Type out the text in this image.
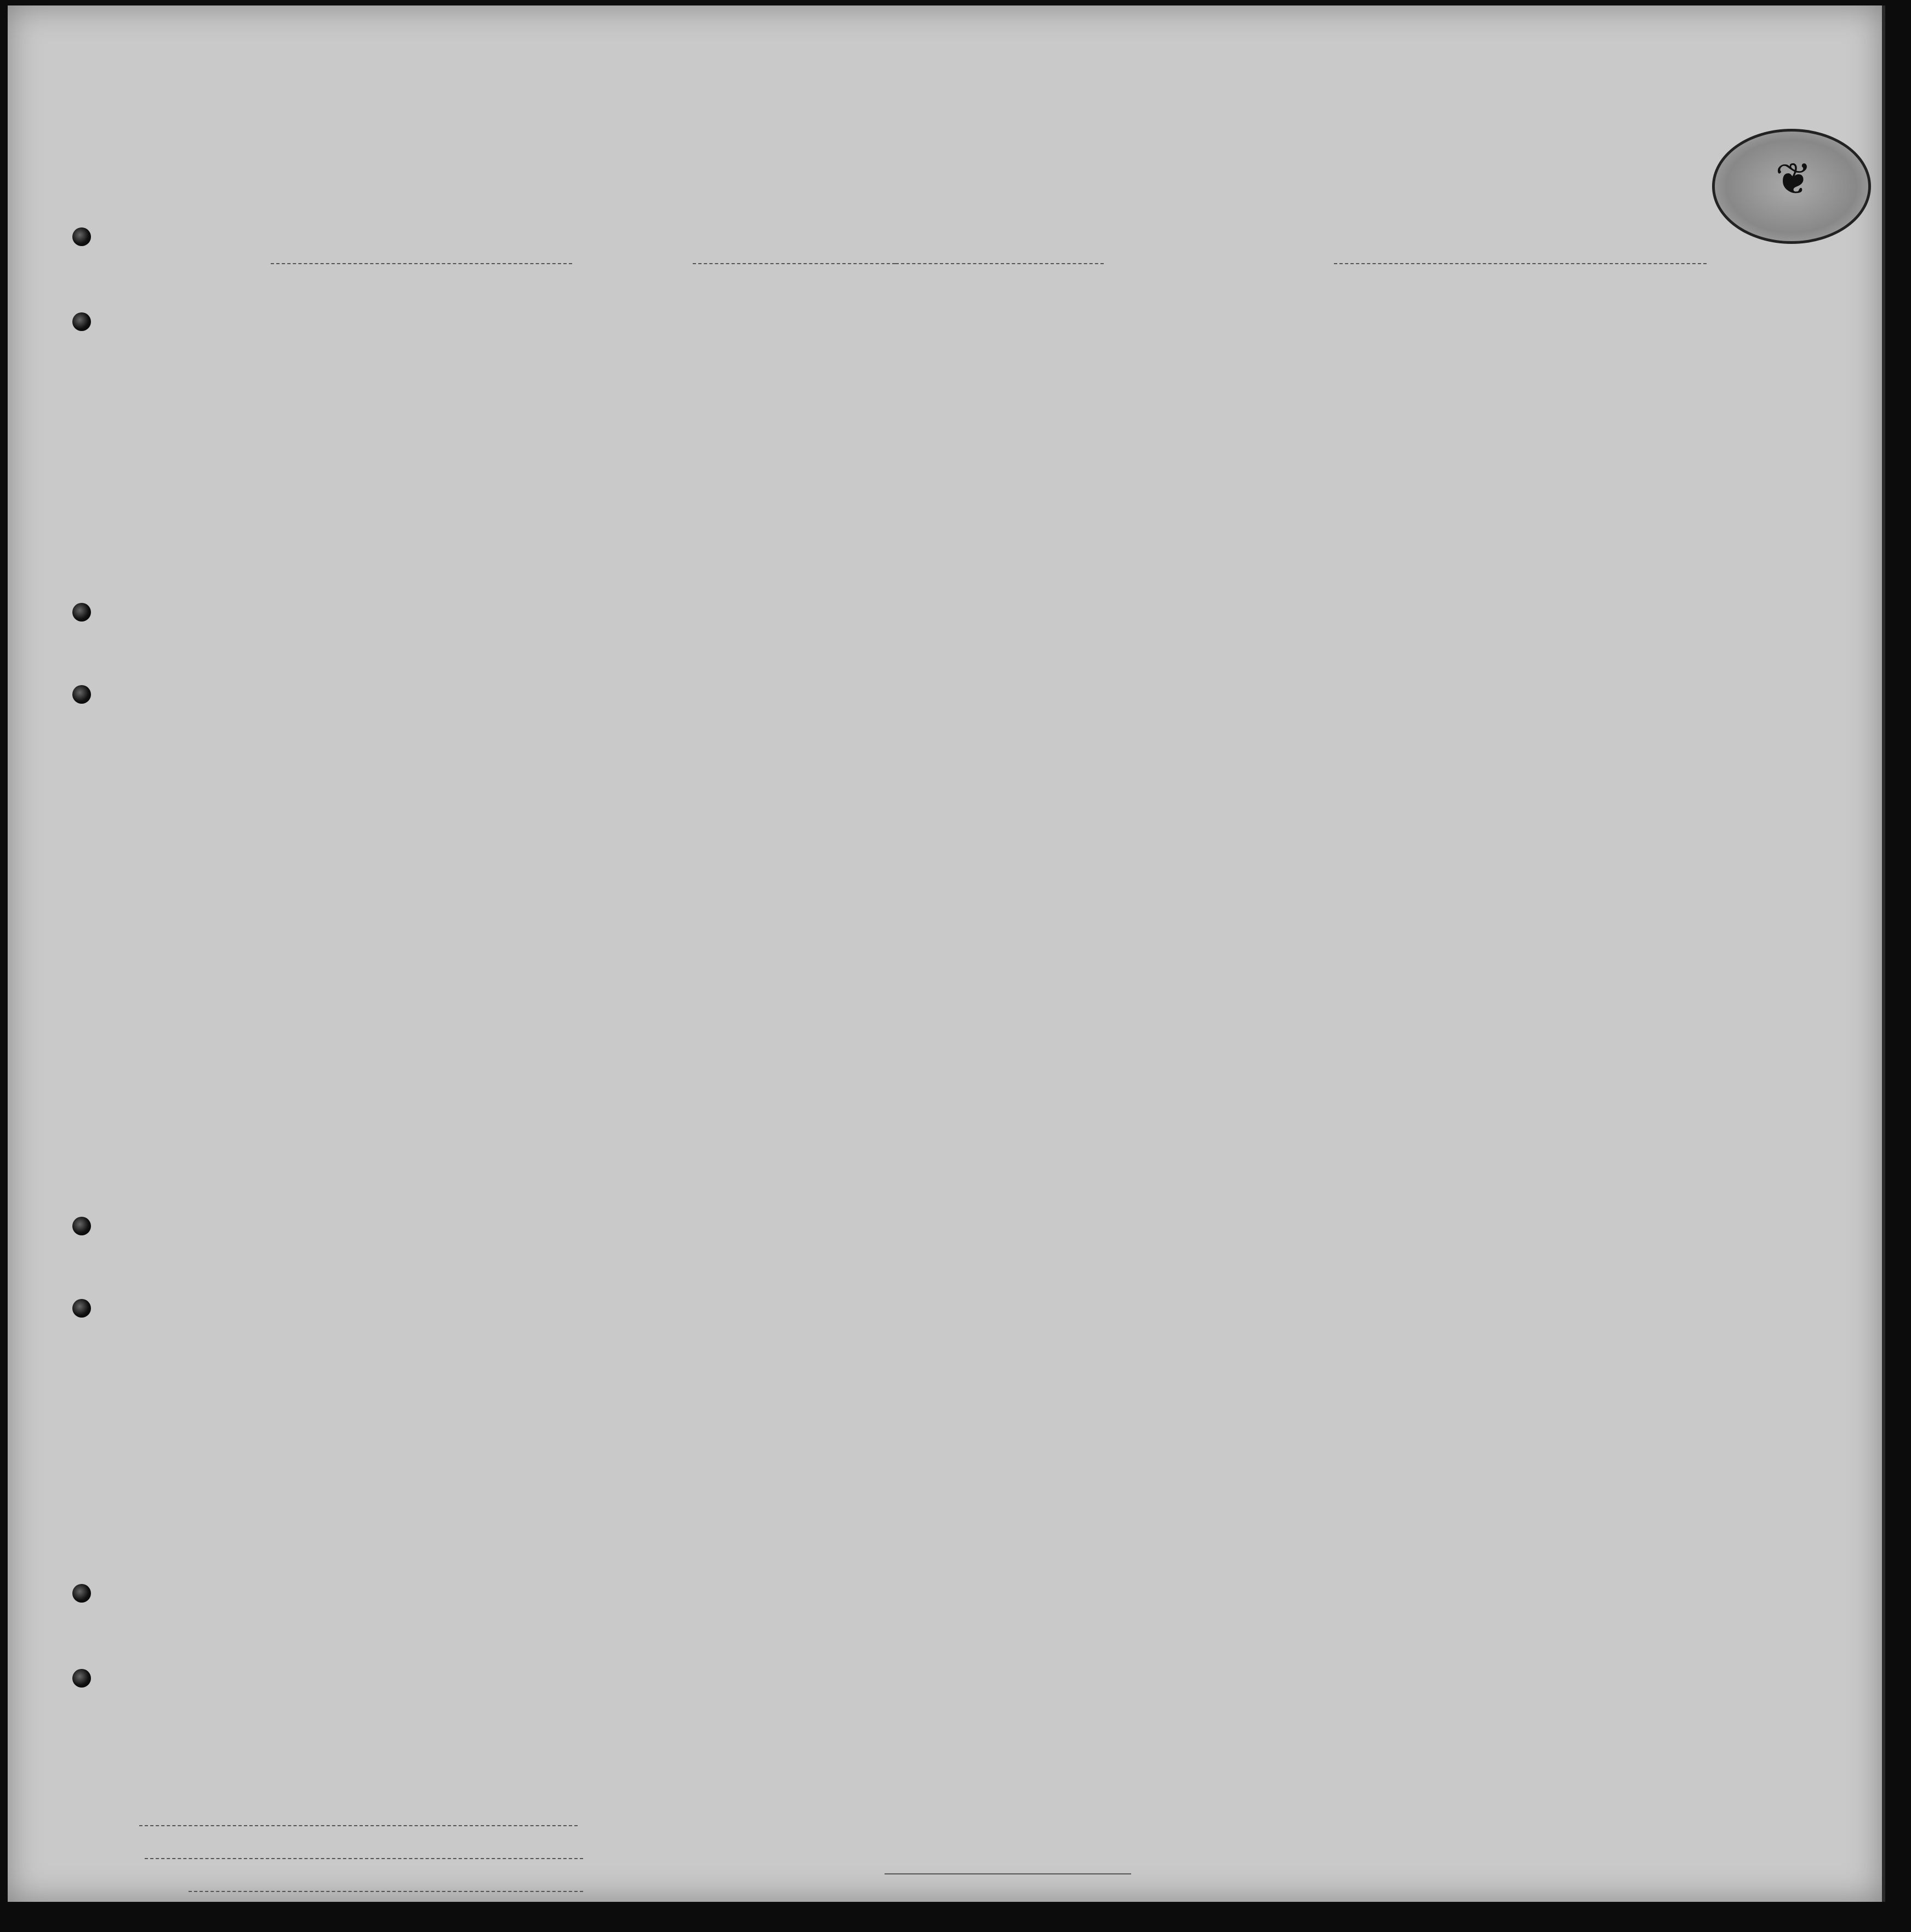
❦
